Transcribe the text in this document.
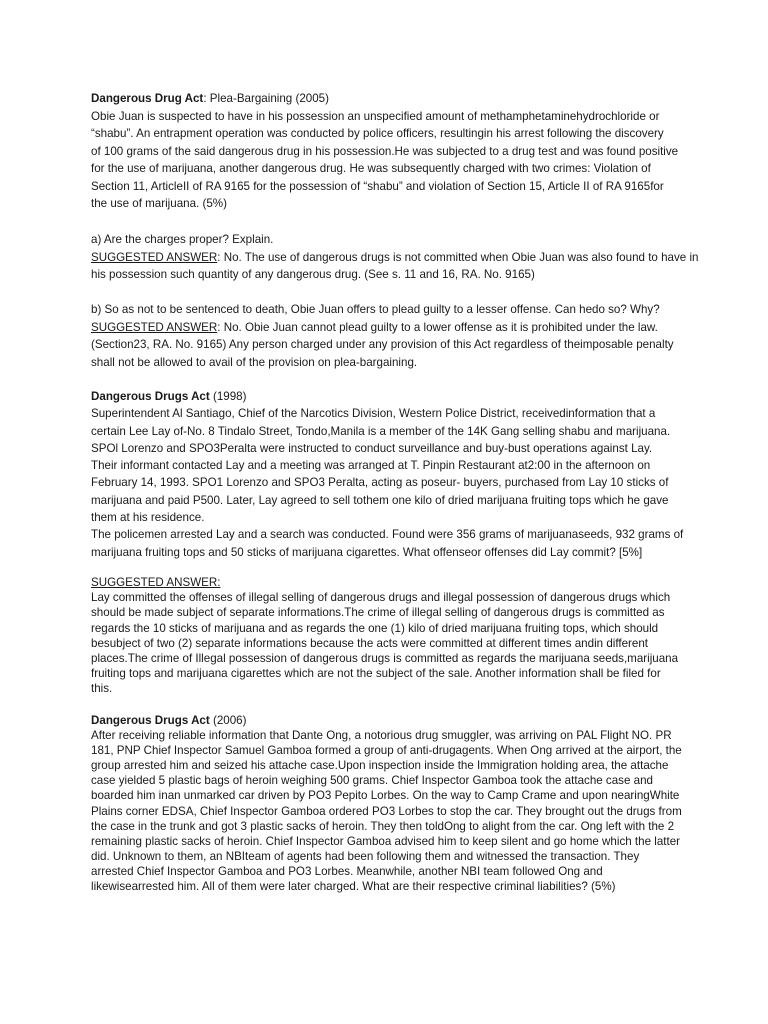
Dangerous Drug Act: Plea-Bargaining (2005)
Obie Juan is suspected to have in his possession an unspecified amount of methamphetaminehydrochloride or
“shabu”. An entrapment operation was conducted by police officers, resultingin his arrest following the discovery
of 100 grams of the said dangerous drug in his possession.He was subjected to a drug test and was found positive
for the use of marijuana, another dangerous drug. He was subsequently charged with two crimes: Violation of
Section 11, ArticleII of RA 9165 for the possession of “shabu” and violation of Section 15, Article II of RA 9165for
the use of marijuana. (5%)
a) Are the charges proper? Explain.
SUGGESTED ANSWER: No. The use of dangerous drugs is not committed when Obie Juan was also found to have in
his possession such quantity of any dangerous drug. (See s. 11 and 16, RA. No. 9165)
b) So as not to be sentenced to death, Obie Juan offers to plead guilty to a lesser offense. Can hedo so? Why?
SUGGESTED ANSWER: No. Obie Juan cannot plead guilty to a lower offense as it is prohibited under the law.
(Section23, RA. No. 9165) Any person charged under any provision of this Act regardless of theimposable penalty
shall not be allowed to avail of the provision on plea-bargaining.
Dangerous Drugs Act (1998)
Superintendent Al Santiago, Chief of the Narcotics Division, Western Police District, receivedinformation that a
certain Lee Lay of-No. 8 Tindalo Street, Tondo,Manila is a member of the 14K Gang selling shabu and marijuana.
SPOl Lorenzo and SPO3Peralta were instructed to conduct surveillance and buy-bust operations against Lay.
Their informant contacted Lay and a meeting was arranged at T. Pinpin Restaurant at2:00 in the afternoon on
February 14, 1993. SPO1 Lorenzo and SPO3 Peralta, acting as poseur- buyers, purchased from Lay 10 sticks of
marijuana and paid P500. Later, Lay agreed to sell tothem one kilo of dried marijuana fruiting tops which he gave
them at his residence.
The policemen arrested Lay and a search was conducted. Found were 356 grams of marijuanaseeds, 932 grams of
marijuana fruiting tops and 50 sticks of marijuana cigarettes. What offenseor offenses did Lay commit? [5%]
SUGGESTED ANSWER:
Lay committed the offenses of illegal selling of dangerous drugs and illegal possession of dangerous drugs which
should be made subject of separate informations.The crime of illegal selling of dangerous drugs is committed as
regards the 10 sticks of marijuana and as regards the one (1) kilo of dried marijuana fruiting tops, which should
besubject of two (2) separate informations because the acts were committed at different times andin different
places.The crime of Illegal possession of dangerous drugs is committed as regards the marijuana seeds,marijuana
fruiting tops and marijuana cigarettes which are not the subject of the sale. Another information shall be filed for
this.
Dangerous Drugs Act (2006)
After receiving reliable information that Dante Ong, a notorious drug smuggler, was arriving on PAL Flight NO. PR
181, PNP Chief Inspector Samuel Gamboa formed a group of anti-drugagents. When Ong arrived at the airport, the
group arrested him and seized his attache case.Upon inspection inside the Immigration holding area, the attache
case yielded 5 plastic bags of heroin weighing 500 grams. Chief Inspector Gamboa took the attache case and
boarded him inan unmarked car driven by PO3 Pepito Lorbes. On the way to Camp Crame and upon nearingWhite
Plains corner EDSA, Chief Inspector Gamboa ordered PO3 Lorbes to stop the car. They brought out the drugs from
the case in the trunk and got 3 plastic sacks of heroin. They then toldOng to alight from the car. Ong left with the 2
remaining plastic sacks of heroin. Chief Inspector Gamboa advised him to keep silent and go home which the latter
did. Unknown to them, an NBIteam of agents had been following them and witnessed the transaction. They
arrested Chief Inspector Gamboa and PO3 Lorbes. Meanwhile, another NBI team followed Ong and
likewisearrested him. All of them were later charged. What are their respective criminal liabilities? (5%)
